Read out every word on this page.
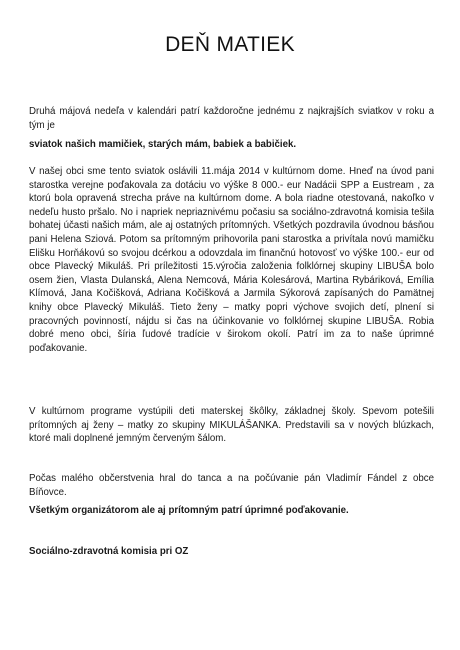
DEŇ MATIEK
Druhá májová nedeľa v kalendári patrí každoročne jednému z najkrajších sviatkov v roku a tým je
sviatok našich mamičiek, starých mám, babiek a babičiek.
V našej obci sme tento sviatok oslávili 11.mája 2014 v kultúrnom dome. Hneď na úvod pani starostka verejne poďakovala za dotáciu vo výške 8 000.- eur Nadácii SPP a Eustream , za ktorú bola opravená strecha práve na kultúrnom dome. A bola riadne otestovaná, nakoľko v nedeľu husto pršalo. No i napriek nepriaznivému počasiu sa sociálno-zdravotná komisia tešila bohatej účasti našich mám, ale aj ostatných prítomných. Všetkých pozdravila úvodnou básňou pani Helena Sziová. Potom sa prítomným prihovorila pani starostka a privítala novú mamičku Elišku Horňákovú so svojou dcérkou a odovzdala im finančnú hotovosť vo výške 100.- eur od obce Plavecký Mikuláš. Pri príležitosti 15.výročia založenia folklórnej skupiny LIBUŠA bolo osem žien, Vlasta Dulanská, Alena Nemcová, Mária Kolesárová, Martina Rybáriková, Emília Klímová, Jana Kočišková, Adriana Kočišková a Jarmila Sýkorová zapísaných do Pamätnej knihy obce Plavecký Mikuláš. Tieto ženy – matky popri výchove svojich detí, plnení si pracovných povinností, nájdu si čas na účinkovanie vo folklórnej skupine LIBUŠA. Robia dobré meno obci, šíria ľudové tradície v širokom okolí. Patrí im za to naše úprimné poďakovanie.
V kultúrnom programe vystúpili deti materskej škôlky, základnej školy. Spevom potešili prítomných aj ženy – matky zo skupiny MIKULÁŠANKA. Predstavili sa v nových blúzkach, ktoré mali doplnené jemným červeným šálom.
Počas malého občerstvenia hral do tanca a na počúvanie pán Vladimír Fándel z obce Bíňovce.
Všetkým organizátorom ale aj prítomným patrí úprimné poďakovanie.
Sociálno-zdravotná komisia pri OZ
